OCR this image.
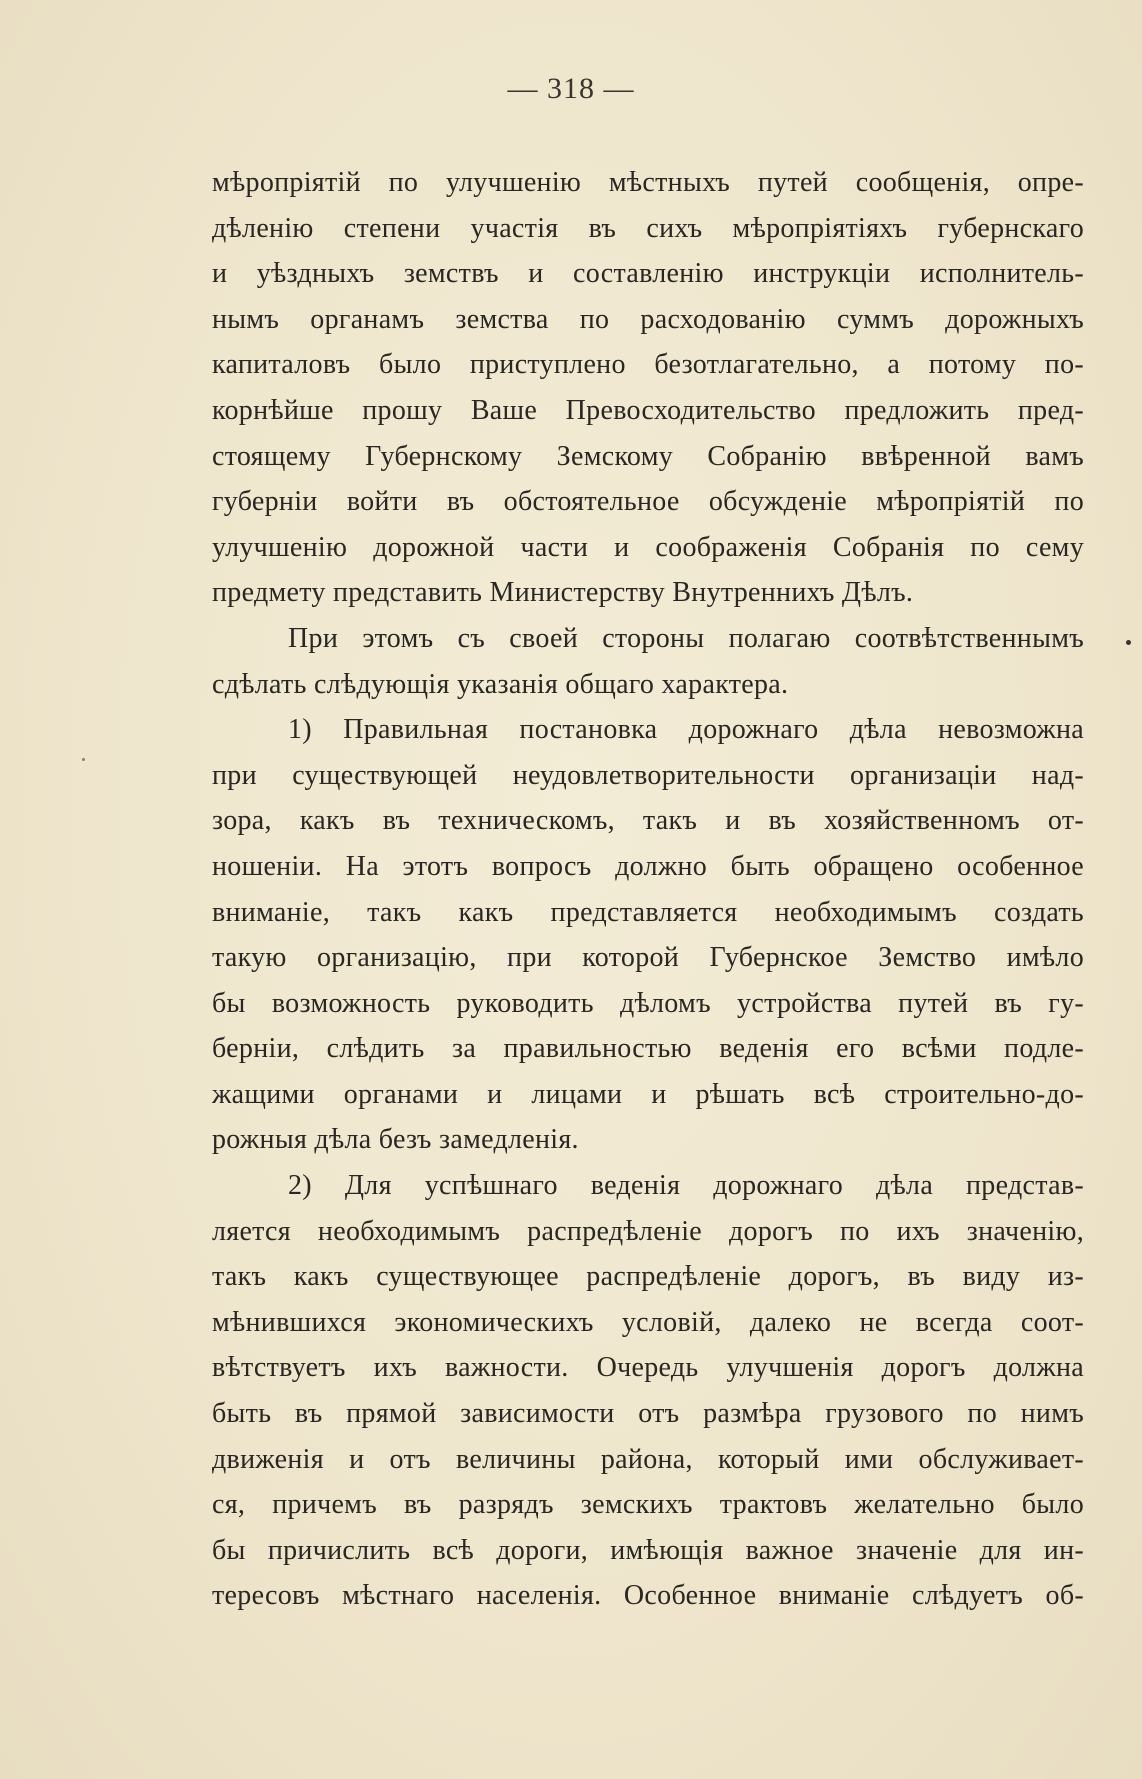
— 318 —
мѣропріятій по улучшенію мѣстныхъ путей сообщенія, опре-
дѣленію степени участія въ сихъ мѣропріятіяхъ губернскаго
и уѣздныхъ земствъ и составленію инструкціи исполнитель-
нымъ органамъ земства по расходованію суммъ дорожныхъ
капиталовъ было приступлено безотлагательно, а потому по-
корнѣйше прошу Ваше Превосходительство предложить пред-
стоящему Губернскому Земскому Собранію ввѣренной вамъ
губерніи войти въ обстоятельное обсужденіе мѣропріятій по
улучшенію дорожной части и соображенія Собранія по сему
предмету представить Министерству Внутреннихъ Дѣлъ.
При этомъ съ своей стороны полагаю соотвѣтственнымъ
сдѣлать слѣдующія указанія общаго характера.
1) Правильная постановка дорожнаго дѣла невозможна
при существующей неудовлетворительности организаціи над-
зора, какъ въ техническомъ, такъ и въ хозяйственномъ от-
ношеніи. На этотъ вопросъ должно быть обращено особенное
вниманіе, такъ какъ представляется необходимымъ создать
такую организацію, при которой Губернское Земство имѣло
бы возможность руководить дѣломъ устройства путей въ гу-
берніи, слѣдить за правильностью веденія его всѣми подле-
жащими органами и лицами и рѣшать всѣ строительно-до-
рожныя дѣла безъ замедленія.
2) Для успѣшнаго веденія дорожнаго дѣла представ-
ляется необходимымъ распредѣленіе дорогъ по ихъ значенію,
такъ какъ существующее распредѣленіе дорогъ, въ виду из-
мѣнившихся экономическихъ условій, далеко не всегда соот-
вѣтствуетъ ихъ важности. Очередь улучшенія дорогъ должна
быть въ прямой зависимости отъ размѣра грузового по нимъ
движенія и отъ величины района, который ими обслуживает-
ся, причемъ въ разрядъ земскихъ трактовъ желательно было
бы причислить всѣ дороги, имѣющія важное значеніе для ин-
тересовъ мѣстнаго населенія. Особенное вниманіе слѣдуетъ об-
